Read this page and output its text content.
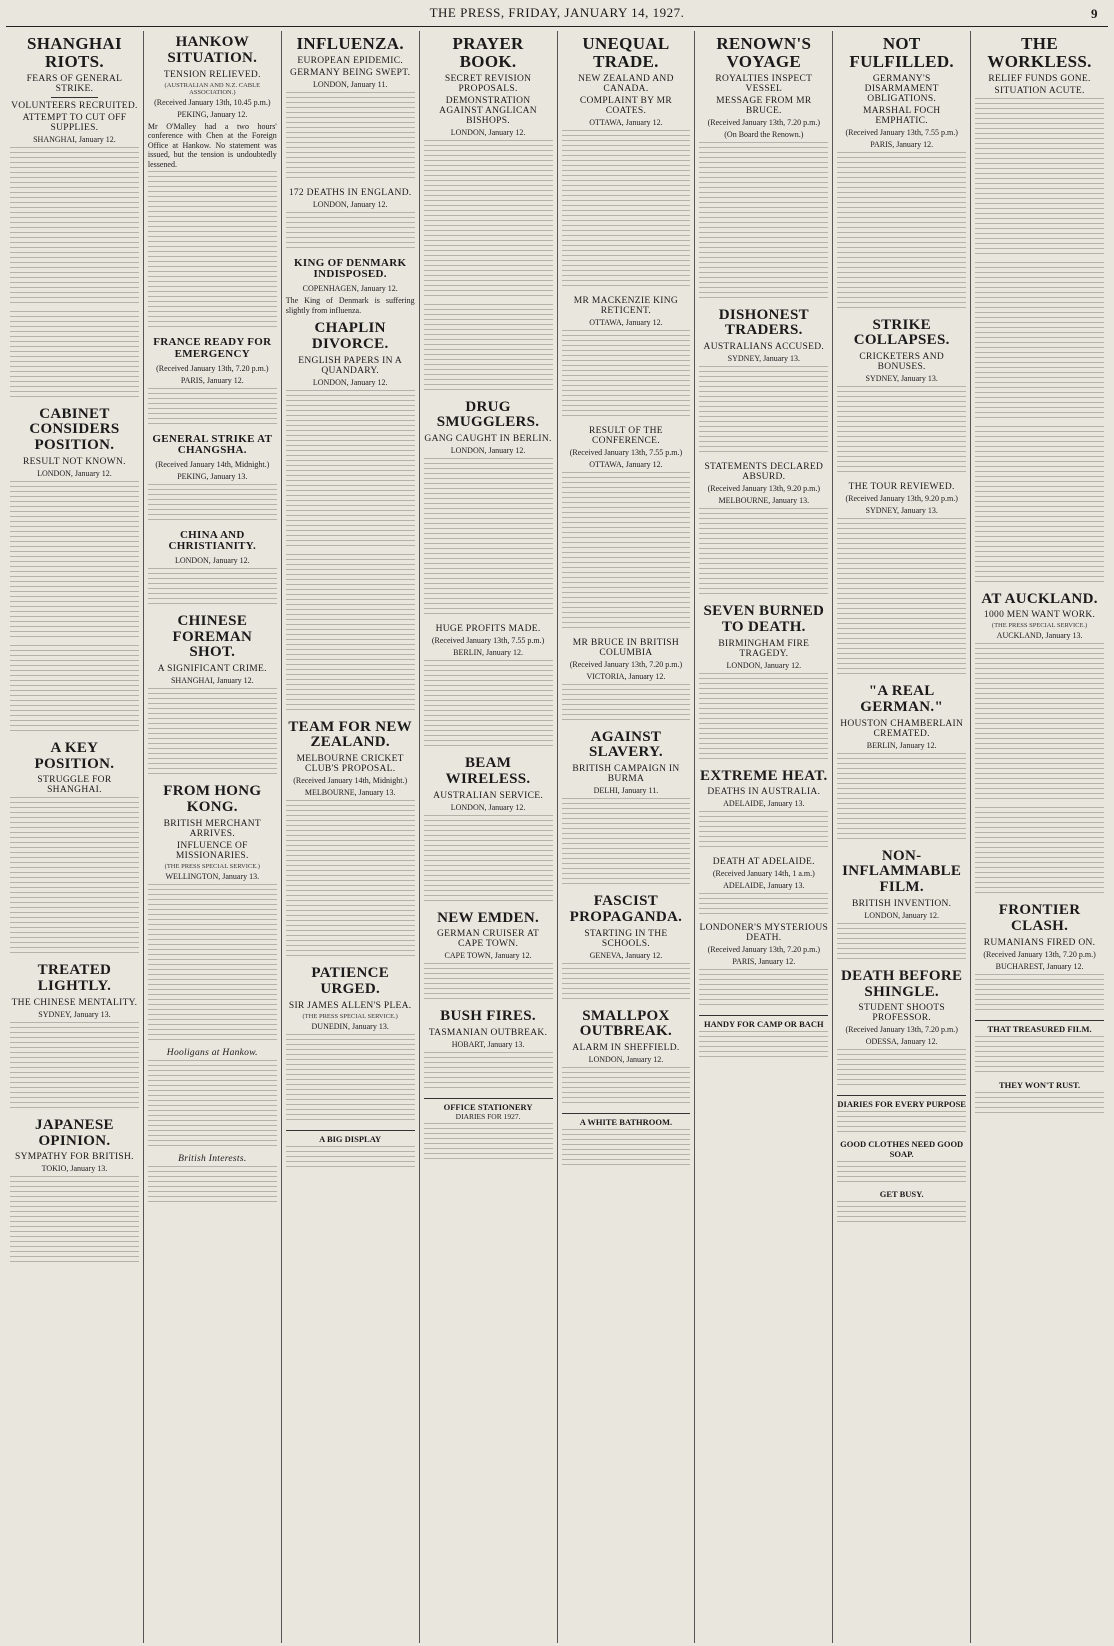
THE PRESS, FRIDAY, JANUARY 14, 1927.	9
SHANGHAI RIOTS.
FEARS OF GENERAL STRIKE.
VOLUNTEERS RECRUITED.
ATTEMPT TO CUT OFF SUPPLIES.
SHANGHAI, January 12.
CABINET CONSIDERS POSITION.
RESULT NOT KNOWN.
LONDON, January 12.
A KEY POSITION.
STRUGGLE FOR SHANGHAI.
TREATED LIGHTLY.
THE CHINESE MENTALITY.
SYDNEY, January 13.
JAPANESE OPINION.
SYMPATHY FOR BRITISH.
TOKIO, January 13.
HANKOW SITUATION.
TENSION RELIEVED.
(AUSTRALIAN AND N.Z. CABLE ASSOCIATION.)
(Received January 13th, 10.45 p.m.)
PEKING, January 12.
Mr O'Malley had a two hours' conference with Chen at the Foreign Office at Hankow. No statement was issued, but the tension is undoubtedly lessened.
FRANCE READY FOR EMERGENCY
(Received January 13th, 7.20 p.m.)
PARIS, January 12.
GENERAL STRIKE AT CHANGSHA.
(Received January 14th, Midnight.)
PEKING, January 13.
CHINA AND CHRISTIANITY.
LONDON, January 12.
CHINESE FOREMAN SHOT.
A SIGNIFICANT CRIME.
SHANGHAI, January 12.
FROM HONG KONG.
BRITISH MERCHANT ARRIVES.
INFLUENCE OF MISSIONARIES.
(THE PRESS SPECIAL SERVICE.)
WELLINGTON, January 13.
Hooligans at Hankow.
British Interests.
INFLUENZA.
EUROPEAN EPIDEMIC.
GERMANY BEING SWEPT.
LONDON, January 11.
172 DEATHS IN ENGLAND.
LONDON, January 12.
KING OF DENMARK INDISPOSED.
COPENHAGEN, January 12.
The King of Denmark is suffering slightly from influenza.
CHAPLIN DIVORCE.
ENGLISH PAPERS IN A QUANDARY.
LONDON, January 12.
TEAM FOR NEW ZEALAND.
MELBOURNE CRICKET CLUB'S PROPOSAL.
(Received January 14th, Midnight.)
MELBOURNE, January 13.
PATIENCE URGED.
SIR JAMES ALLEN'S PLEA.
(THE PRESS SPECIAL SERVICE.)
DUNEDIN, January 13.
A BIG DISPLAY
PRAYER BOOK.
SECRET REVISION PROPOSALS.
DEMONSTRATION AGAINST ANGLICAN BISHOPS.
LONDON, January 12.
DRUG SMUGGLERS.
GANG CAUGHT IN BERLIN.
LONDON, January 12.
HUGE PROFITS MADE.
(Received January 13th, 7.55 p.m.)
BERLIN, January 12.
BEAM WIRELESS.
AUSTRALIAN SERVICE.
LONDON, January 12.
NEW EMDEN.
GERMAN CRUISER AT CAPE TOWN.
CAPE TOWN, January 12.
BUSH FIRES.
TASMANIAN OUTBREAK.
HOBART, January 13.
OFFICE STATIONERY
DIARIES FOR 1927.
UNEQUAL TRADE.
NEW ZEALAND AND CANADA.
COMPLAINT BY MR COATES.
OTTAWA, January 12.
MR MACKENZIE KING RETICENT.
OTTAWA, January 12.
RESULT OF THE CONFERENCE.
(Received January 13th, 7.55 p.m.)
OTTAWA, January 12.
MR BRUCE IN BRITISH COLUMBIA
(Received January 13th, 7.20 p.m.)
VICTORIA, January 12.
AGAINST SLAVERY.
BRITISH CAMPAIGN IN BURMA
DELHI, January 11.
FASCIST PROPAGANDA.
STARTING IN THE SCHOOLS.
GENEVA, January 12.
SMALLPOX OUTBREAK.
ALARM IN SHEFFIELD.
LONDON, January 12.
A WHITE BATHROOM.
RENOWN'S VOYAGE
ROYALTIES INSPECT VESSEL
MESSAGE FROM MR BRUCE.
(Received January 13th, 7.20 p.m.)
(On Board the Renown.)
DISHONEST TRADERS.
AUSTRALIANS ACCUSED.
SYDNEY, January 13.
STATEMENTS DECLARED ABSURD.
(Received January 13th, 9.20 p.m.)
MELBOURNE, January 13.
SEVEN BURNED TO DEATH.
BIRMINGHAM FIRE TRAGEDY.
LONDON, January 12.
EXTREME HEAT.
DEATHS IN AUSTRALIA.
ADELAIDE, January 13.
DEATH AT ADELAIDE.
(Received January 14th, 1 a.m.)
ADELAIDE, January 13.
LONDONER'S MYSTERIOUS DEATH.
(Received January 13th, 7.20 p.m.)
PARIS, January 12.
HANDY FOR CAMP OR BACH
NOT FULFILLED.
GERMANY'S DISARMAMENT OBLIGATIONS.
MARSHAL FOCH EMPHATIC.
(Received January 13th, 7.55 p.m.)
PARIS, January 12.
STRIKE COLLAPSES.
CRICKETERS AND BONUSES.
SYDNEY, January 13.
THE TOUR REVIEWED.
(Received January 13th, 9.20 p.m.)
SYDNEY, January 13.
"A REAL GERMAN."
HOUSTON CHAMBERLAIN CREMATED.
BERLIN, January 12.
NON-INFLAMMABLE FILM.
BRITISH INVENTION.
LONDON, January 12.
DEATH BEFORE SHINGLE.
STUDENT SHOOTS PROFESSOR.
(Received January 13th, 7.20 p.m.)
ODESSA, January 12.
DIARIES FOR EVERY PURPOSE
GOOD CLOTHES NEED GOOD SOAP.
GET BUSY.
THE WORKLESS.
RELIEF FUNDS GONE.
SITUATION ACUTE.
AT AUCKLAND.
1000 MEN WANT WORK.
(THE PRESS SPECIAL SERVICE.)
AUCKLAND, January 13.
FRONTIER CLASH.
RUMANIANS FIRED ON.
(Received January 13th, 7.20 p.m.)
BUCHAREST, January 12.
THAT TREASURED FILM.
THEY WON'T RUST.
